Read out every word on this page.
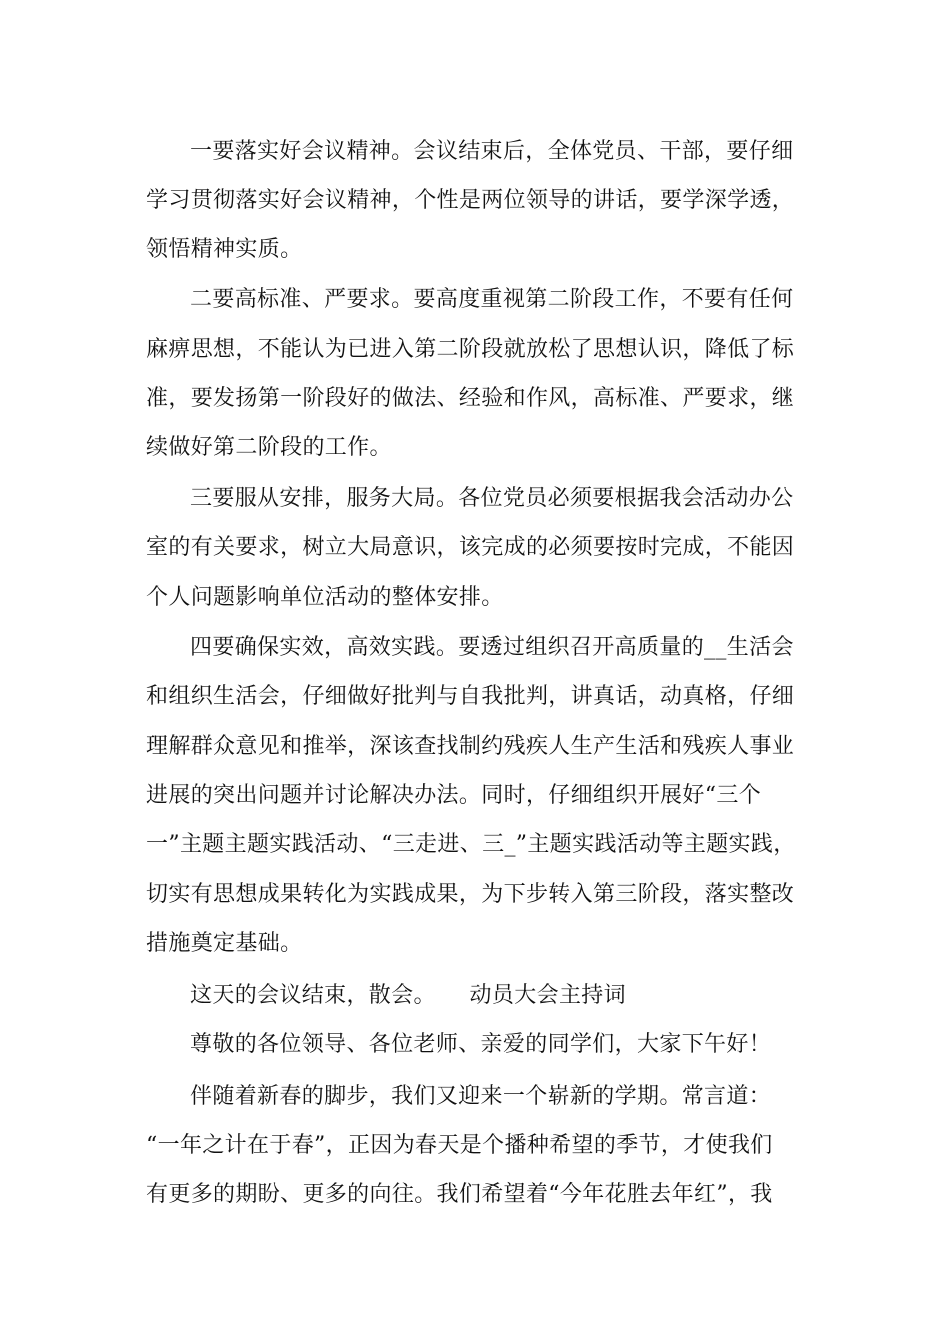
一要落实好会议精神。会议结束后，全体党员、干部，要仔细
学习贯彻落实好会议精神，个性是两位领导的讲话，要学深学透，
领悟精神实质。
二要高标准、严要求。要高度重视第二阶段工作，不要有任何
麻痹思想，不能认为已进入第二阶段就放松了思想认识，降低了标
准，要发扬第一阶段好的做法、经验和作风，高标准、严要求，继
续做好第二阶段的工作。
三要服从安排，服务大局。各位党员必须要根据我会活动办公
室的有关要求，树立大局意识，该完成的必须要按时完成，不能因
个人问题影响单位活动的整体安排。
四要确保实效，高效实践。要透过组织召开高质量的__生活会
和组织生活会，仔细做好批判与自我批判，讲真话，动真格，仔细
理解群众意见和推举，深该查找制约残疾人生产生活和残疾人事业
进展的突出问题并讨论解决办法。同时，仔细组织开展好“三个
一”主题主题实践活动、“三走进、三_”主题实践活动等主题实践，
切实有思想成果转化为实践成果，为下步转入第三阶段，落实整改
措施奠定基础。
这天的会议结束，散会。　　动员大会主持词
尊敬的各位领导、各位老师、亲爱的同学们，大家下午好！
伴随着新春的脚步，我们又迎来一个崭新的学期。常言道：
“一年之计在于春”，正因为春天是个播种希望的季节，才使我们
有更多的期盼、更多的向往。我们希望着“今年花胜去年红”，我
